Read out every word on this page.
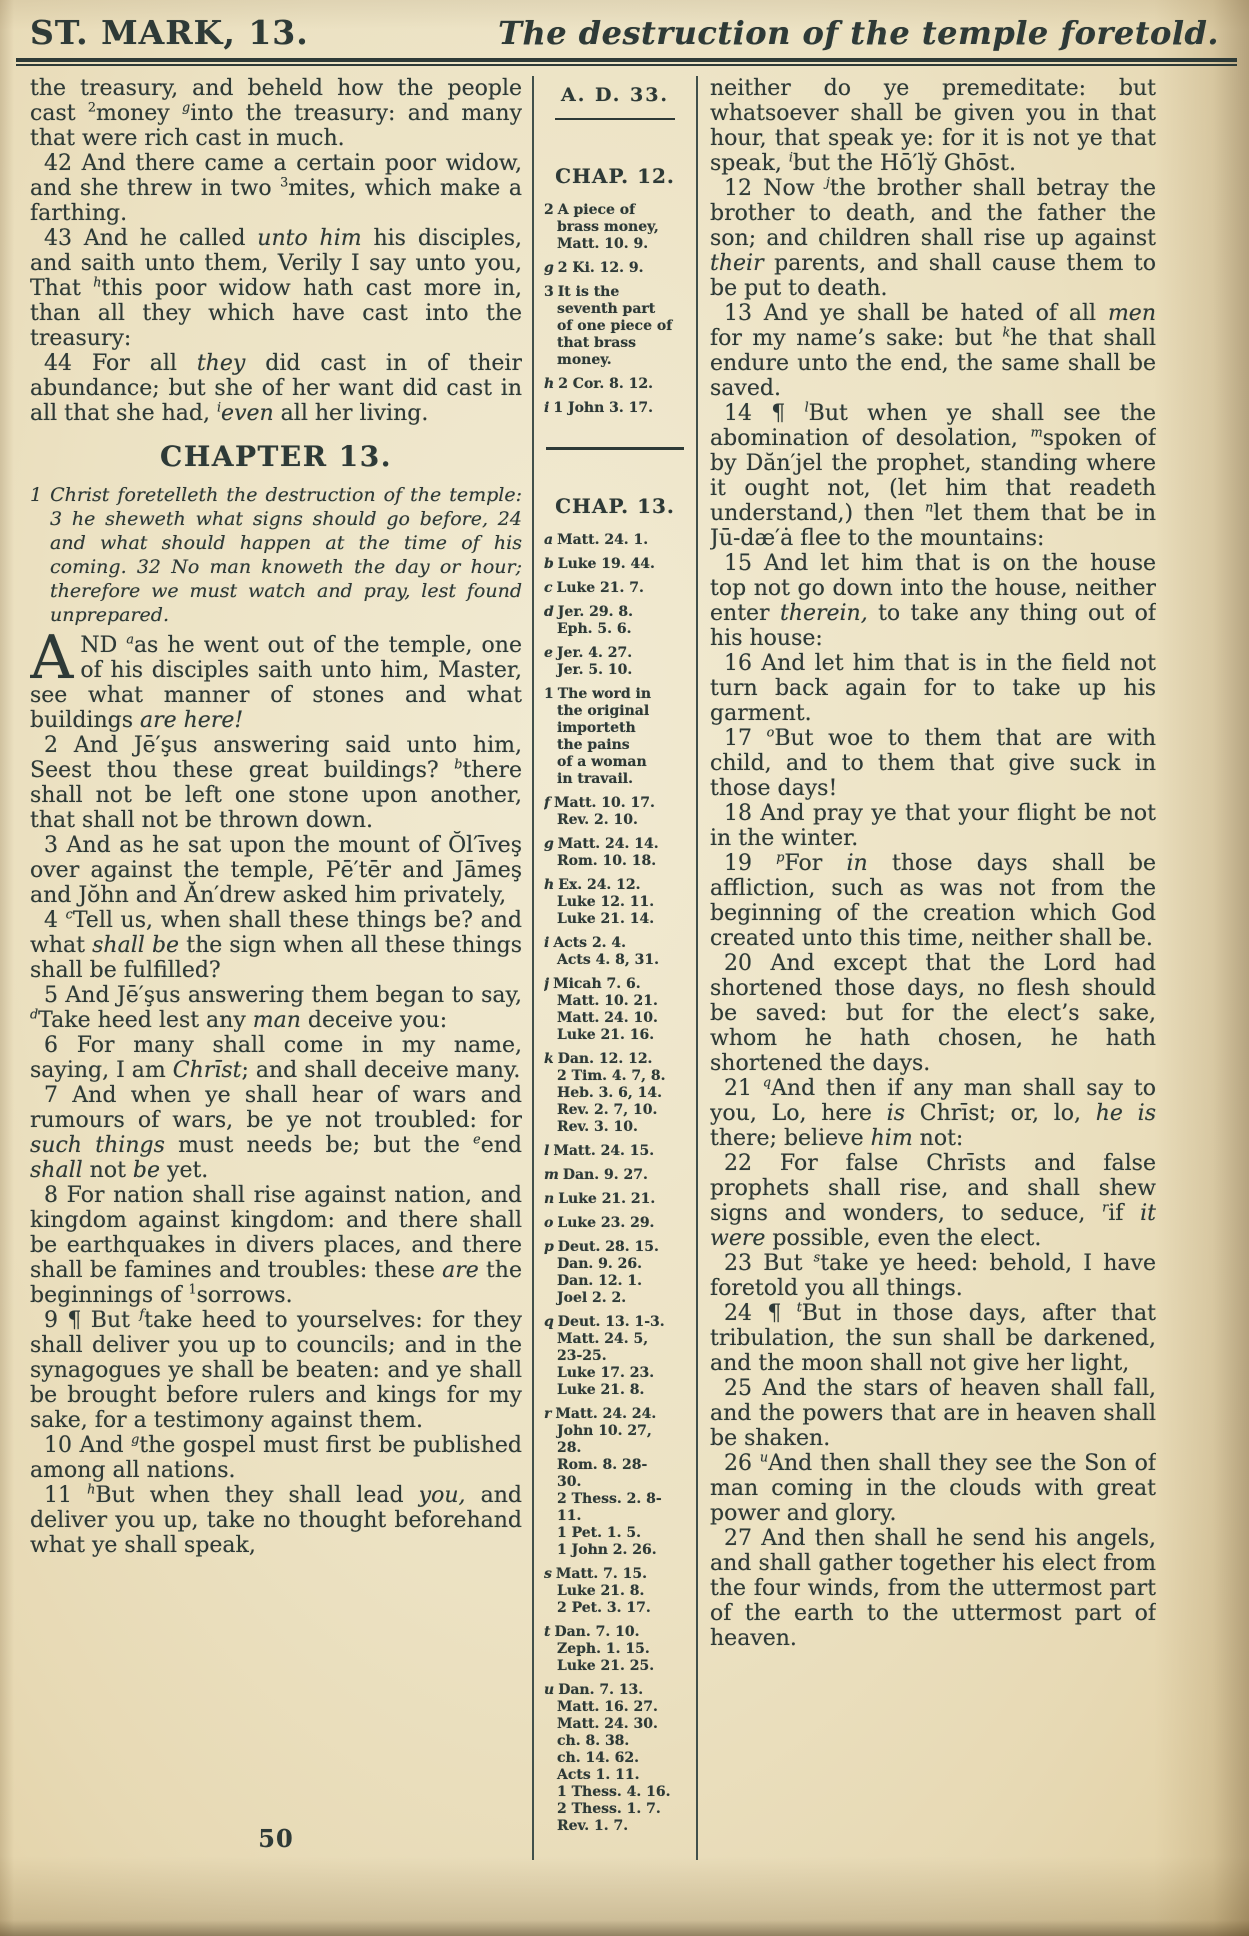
ST. MARK, 13.	The destruction of the temple foretold.

the treasury, and beheld how the people cast $^2$money $^g$into the treasury: and many that were rich cast in much.

42 And there came a certain poor widow, and she threw in two $^3$mites, which make a farthing.

43 And he called unto him his disciples, and saith unto them, Verily I say unto you, That $^h$this poor widow hath cast more in, than all they which have cast into the treasury:

44 For all they did cast in of their abundance; but she of her want did cast in all that she had, $^i$even all her living.

CHAPTER 13.

1 Christ foretelleth the destruction of the temple: 3 he sheweth what signs should go before, 24 and what should happen at the time of his coming. 32 No man knoweth the day or hour; therefore we must watch and pray, lest found unprepared.

AND $^a$as he went out of the temple, one of his disciples saith unto him, Master, see what manner of stones and what buildings are here!

2 And Jē′şus answering said unto him, Seest thou these great buildings? $^b$there shall not be left one stone upon another, that shall not be thrown down.

3 And as he sat upon the mount of Ŏl′īveş over against the temple, Pē′tēr and Jāmeş and Jŏhn and Ăn′drew asked him privately,

4 $^c$Tell us, when shall these things be? and what shall be the sign when all these things shall be fulfilled?

5 And Jē′şus answering them began to say, $^d$Take heed lest any man deceive you:

6 For many shall come in my name, saying, I am Chrīst; and shall deceive many.

7 And when ye shall hear of wars and rumours of wars, be ye not troubled: for such things must needs be; but the $^e$end shall not be yet.

8 For nation shall rise against nation, and kingdom against kingdom: and there shall be earthquakes in divers places, and there shall be famines and troubles: these are the beginnings of $^1$sorrows.

9 ¶ But $^f$take heed to yourselves: for they shall deliver you up to councils; and in the synagogues ye shall be beaten: and ye shall be brought before rulers and kings for my sake, for a testimony against them.

10 And $^g$the gospel must first be published among all nations.

11 $^h$But when they shall lead you, and deliver you up, take no thought beforehand what ye shall speak,

A. D. 33.
CHAP. 12.
2 A piece of
brass money,
Matt. 10. 9.
g 2 Ki. 12. 9.
3 It is the
seventh part
of one piece of
that brass
money.
h 2 Cor. 8. 12.
i 1 John 3. 17.
CHAP. 13.
a Matt. 24. 1.
b Luke 19. 44.
c Luke 21. 7.
d Jer. 29. 8.
Eph. 5. 6.
e Jer. 4. 27.
Jer. 5. 10.
1 The word in
the original
importeth
the pains
of a woman
in travail.
f Matt. 10. 17.
Rev. 2. 10.
g Matt. 24. 14.
Rom. 10. 18.
h Ex. 24. 12.
Luke 12. 11.
Luke 21. 14.
i Acts 2. 4.
Acts 4. 8, 31.
j Micah 7. 6.
Matt. 10. 21.
Matt. 24. 10.
Luke 21. 16.
k Dan. 12. 12.
2 Tim. 4. 7, 8.
Heb. 3. 6, 14.
Rev. 2. 7, 10.
Rev. 3. 10.
l Matt. 24. 15.
m Dan. 9. 27.
n Luke 21. 21.
o Luke 23. 29.
p Deut. 28. 15.
Dan. 9. 26.
Dan. 12. 1.
Joel 2. 2.
q Deut. 13. 1-3.
Matt. 24. 5,
23-25.
Luke 17. 23.
Luke 21. 8.
r Matt. 24. 24.
John 10. 27,
28.
Rom. 8. 28-
30.
2 Thess. 2. 8-
11.
1 Pet. 1. 5.
1 John 2. 26.
s Matt. 7. 15.
Luke 21. 8.
2 Pet. 3. 17.
t Dan. 7. 10.
Zeph. 1. 15.
Luke 21. 25.
u Dan. 7. 13.
Matt. 16. 27.
Matt. 24. 30.
ch. 8. 38.
ch. 14. 62.
Acts 1. 11.
1 Thess. 4. 16.
2 Thess. 1. 7.
Rev. 1. 7.

neither do ye premeditate: but whatsoever shall be given you in that hour, that speak ye: for it is not ye that speak, $^i$but the Hō′ly̆ Ghōst.

12 Now $^j$the brother shall betray the brother to death, and the father the son; and children shall rise up against their parents, and shall cause them to be put to death.

13 And ye shall be hated of all men for my name’s sake: but $^k$he that shall endure unto the end, the same shall be saved.

14 ¶ $^l$But when ye shall see the abomination of desolation, $^m$spoken of by Dăn′jel the prophet, standing where it ought not, (let him that readeth understand,) then $^n$let them that be in Jū-dæ′ȧ flee to the mountains:

15 And let him that is on the house top not go down into the house, neither enter therein, to take any thing out of his house:

16 And let him that is in the field not turn back again for to take up his garment.

17 $^o$But woe to them that are with child, and to them that give suck in those days!

18 And pray ye that your flight be not in the winter.

19 $^p$For in those days shall be affliction, such as was not from the beginning of the creation which God created unto this time, neither shall be.

20 And except that the Lord had shortened those days, no flesh should be saved: but for the elect’s sake, whom he hath chosen, he hath shortened the days.

21 $^q$And then if any man shall say to you, Lo, here is Chrīst; or, lo, he is there; believe him not:

22 For false Chrīsts and false prophets shall rise, and shall shew signs and wonders, to seduce, $^r$if it were possible, even the elect.

23 But $^s$take ye heed: behold, I have foretold you all things.

24 ¶ $^t$But in those days, after that tribulation, the sun shall be darkened, and the moon shall not give her light,

25 And the stars of heaven shall fall, and the powers that are in heaven shall be shaken.

26 $^u$And then shall they see the Son of man coming in the clouds with great power and glory.

27 And then shall he send his angels, and shall gather together his elect from the four winds, from the uttermost part of the earth to the uttermost part of heaven.

50
